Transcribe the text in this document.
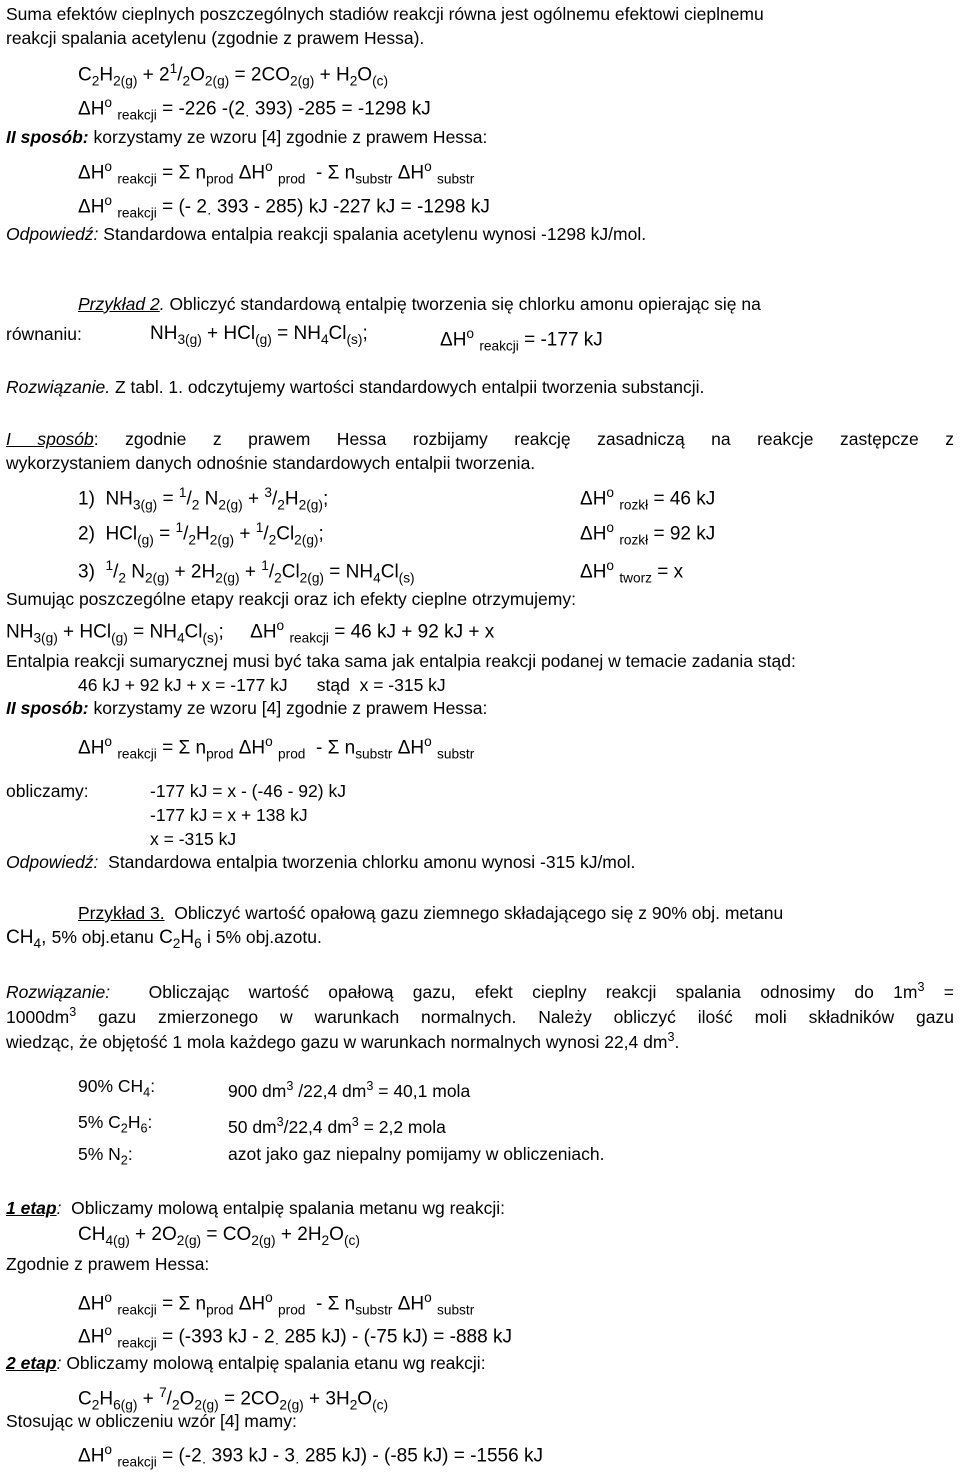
Suma efektów cieplnych poszczególnych stadiów reakcji równa jest ogólnemu efektowi cieplnemu
reakcji spalania acetylenu (zgodnie z prawem Hessa).
$C_2H_{2(g)} + 2^1/_2O_{2(g)} = 2CO_{2(g)} + H_2O_{(c)}$
$\Delta H^o$ $_{reakcji}$ = -226 $-(2_\cdot$ 393) -285 = -1298 kJ
II sposób: korzystamy ze wzoru [4] zgodnie z prawem Hessa:
$\Delta H^o$ $_{reakcji}$ = Σ $n_{prod}$ $\Delta H^o$ $_{prod}$  - Σ $n_{substr}$ $\Delta H^o$ $_{substr}$
$\Delta H^o$ $_{reakcji}$ = (- $2_\cdot$ 393 - 285) kJ -227 kJ = -1298 kJ
Odpowiedź: Standardowa entalpia reakcji spalania acetylenu wynosi -1298 kJ/mol.
Przykład 2. Obliczyć standardową entalpię tworzenia się chlorku amonu opierając się na
równaniu:	$NH_{3(g)} + HCl_{(g)} = NH_4Cl_{(s)}$;	$\Delta H^o$ $_{reakcji}$ = -177 kJ
Rozwiązanie. Z tabl. 1. odczytujemy wartości standardowych entalpii tworzenia substancji.
I sposób: zgodnie z prawem Hessa rozbijamy reakcję zasadniczą na reakcje zastępcze z
wykorzystaniem danych odnośnie standardowych entalpii tworzenia.
1)  $NH_{3(g)} = ^1/_2$ $N_{2(g)} + ^3/_2H_{2(g)}$;	$\Delta H^o$ $_{rozkł}$ = 46 kJ
2)  $HCl_{(g)} = ^1/_2H_{2(g)} + ^1/_2Cl_{2(g)}$;	$\Delta H^o$ $_{rozkł}$ = 92 kJ
3)  $^1/_2$ $N_{2(g)} + 2H_{2(g)} + ^1/_2Cl_{2(g)} = NH_4Cl_{(s)}$	$\Delta H^o$ $_{tworz}$ = x
Sumując poszczególne etapy reakcji oraz ich efekty cieplne otrzymujemy:
$NH_{3(g)} + HCl_{(g)} = NH_4Cl_{(s)}$;     $\Delta H^o$ $_{reakcji}$ = 46 kJ + 92 kJ + x
Entalpia reakcji sumarycznej musi być taka sama jak entalpia reakcji podanej w temacie zadania stąd:
46 kJ + 92 kJ + x = -177 kJ      stąd  x = -315 kJ
II sposób: korzystamy ze wzoru [4] zgodnie z prawem Hessa:
$\Delta H^o$ $_{reakcji}$ = Σ $n_{prod}$ $\Delta H^o$ $_{prod}$  - Σ $n_{substr}$ $\Delta H^o$ $_{substr}$
obliczamy:	-177 kJ = x - (-46 - 92) kJ
-177 kJ = x + 138 kJ
x = -315 kJ
Odpowiedź:  Standardowa entalpia tworzenia chlorku amonu wynosi -315 kJ/mol.
Przykład 3.  Obliczyć wartość opałową gazu ziemnego składającego się z 90% obj. metanu
$CH_4$, 5% obj.etanu $C_2H_6$ i 5% obj.azotu.
Rozwiązanie:  Obliczając wartość opałową gazu, efekt cieplny reakcji spalania odnosimy do $1m^3$ =
$1000dm^3$ gazu zmierzonego w warunkach normalnych. Należy obliczyć ilość moli składników gazu
wiedząc, że objętość 1 mola każdego gazu w warunkach normalnych wynosi 22,4 $dm^3$.
90% $CH_4$:	900 $dm^3$ /22,4 $dm^3 = 40,1$ mola
5% $C_2H_6$:	50 $dm^3/22,4$ $dm^3 = 2,2$ mola
5% $N_2$:	azot jako gaz niepalny pomijamy w obliczeniach.
1 etap:  Obliczamy molową entalpię spalania metanu wg reakcji:
$CH_{4(g)} + 2O_{2(g)} = CO_{2(g)} + 2H_2O_{(c)}$
Zgodnie z prawem Hessa:
$\Delta H^o$ $_{reakcji}$ = Σ $n_{prod}$ $\Delta H^o$ $_{prod}$  - Σ $n_{substr}$ $\Delta H^o$ $_{substr}$
$\Delta H^o$ $_{reakcji}$ = (-393 kJ - $2_\cdot$ 285 kJ) - (-75 kJ) = -888 kJ
2 etap: Obliczamy molową entalpię spalania etanu wg reakcji:
$C_2H_{6(g)} + ^7/_2O_{2(g)} = 2CO_{2(g)} + 3H_2O_{(c)}$
Stosując w obliczeniu wzór [4] mamy:
$\Delta H^o$ $_{reakcji} = (-2_\cdot$ 393 kJ - $3_\cdot$ 285 kJ) - (-85 kJ) = -1556 kJ
